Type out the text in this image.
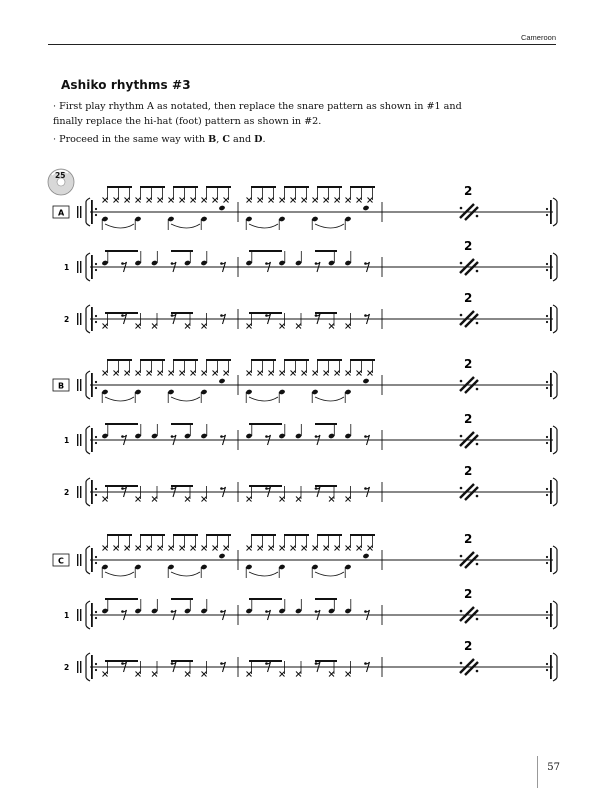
Cameroon
Ashiko rhythms #3
· First play rhythm A as notated, then replace the snare pattern as shown in #1 and finally replace the hi-hat (foot) pattern as shown in #2.
· Proceed in the same way with B, C and D.
25
A
2
2
1
2
2
B
2
2
1
2
2
C
2
2
1
2
2
57
